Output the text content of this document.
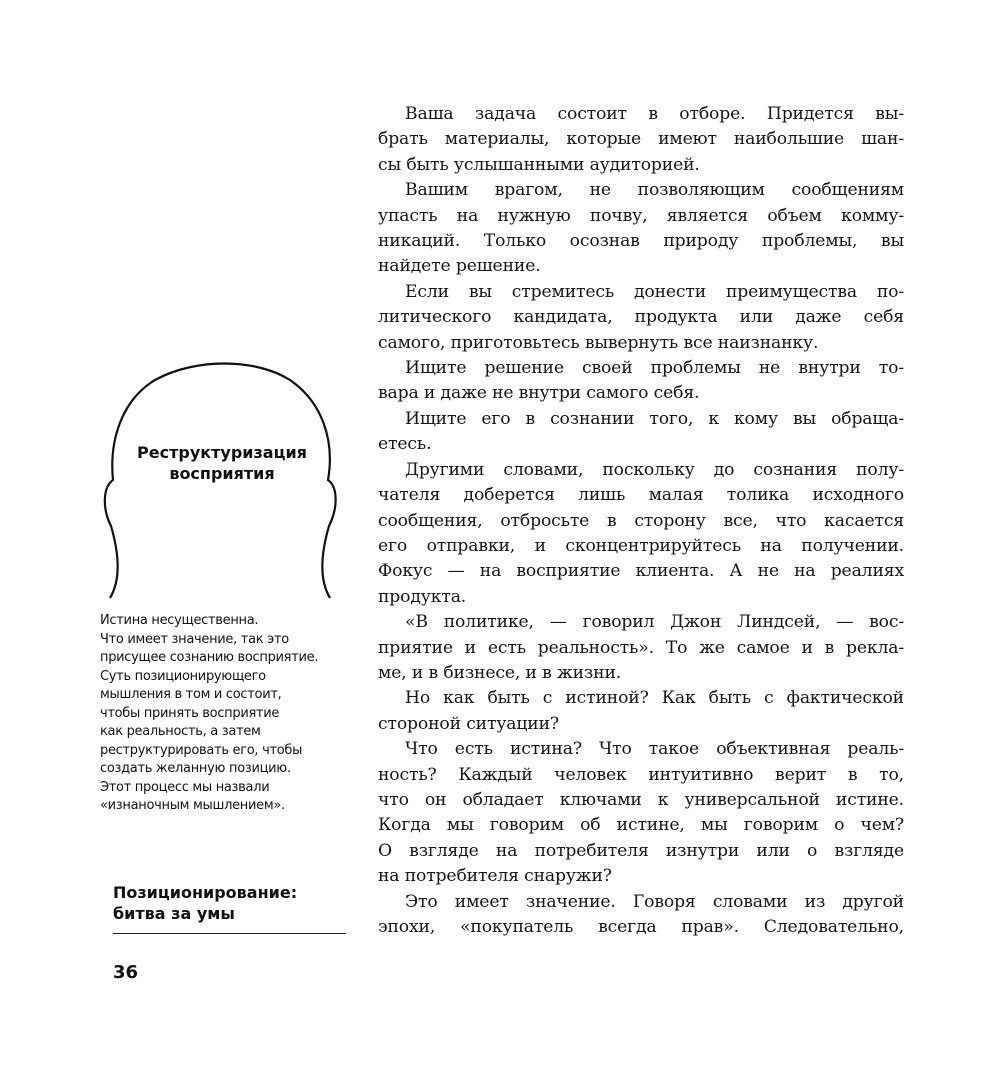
Реструктуризация
восприятия
Истина несущественна.
Что имеет значение, так это
присущее сознанию восприятие.
Суть позиционирующего
мышления в том и состоит,
чтобы принять восприятие
как реальность, а затем
реструктурировать его, чтобы
создать желанную позицию.
Этот процесс мы назвали
«изнаночным мышлением».
Позиционирование:
битва за умы
36
Ваша задача состоит в отборе. Придется вы-
брать материалы, которые имеют наибольшие шан-
сы быть услышанными аудиторией.
Вашим врагом, не позволяющим сообщениям
упасть на нужную почву, является объем комму-
никаций. Только осознав природу проблемы, вы
найдете решение.
Если вы стремитесь донести преимущества по-
литического кандидата, продукта или даже себя
самого, приготовьтесь вывернуть все наизнанку.
Ищите решение своей проблемы не внутри то-
вара и даже не внутри самого себя.
Ищите его в сознании того, к кому вы обраща-
етесь.
Другими словами, поскольку до сознания полу-
чателя доберется лишь малая толика исходного
сообщения, отбросьте в сторону все, что касается
его отправки, и сконцентрируйтесь на получении.
Фокус — на восприятие клиента. А не на реалиях
продукта.
«В политике, — говорил Джон Линдсей, — вос-
приятие и есть реальность». То же самое и в рекла-
ме, и в бизнесе, и в жизни.
Но как быть с истиной? Как быть с фактической
стороной ситуации?
Что есть истина? Что такое объективная реаль-
ность? Каждый человек интуитивно верит в то,
что он обладает ключами к универсальной истине.
Когда мы говорим об истине, мы говорим о чем?
О взгляде на потребителя изнутри или о взгляде
на потребителя снаружи?
Это имеет значение. Говоря словами из другой
эпохи, «покупатель всегда прав». Следовательно,
